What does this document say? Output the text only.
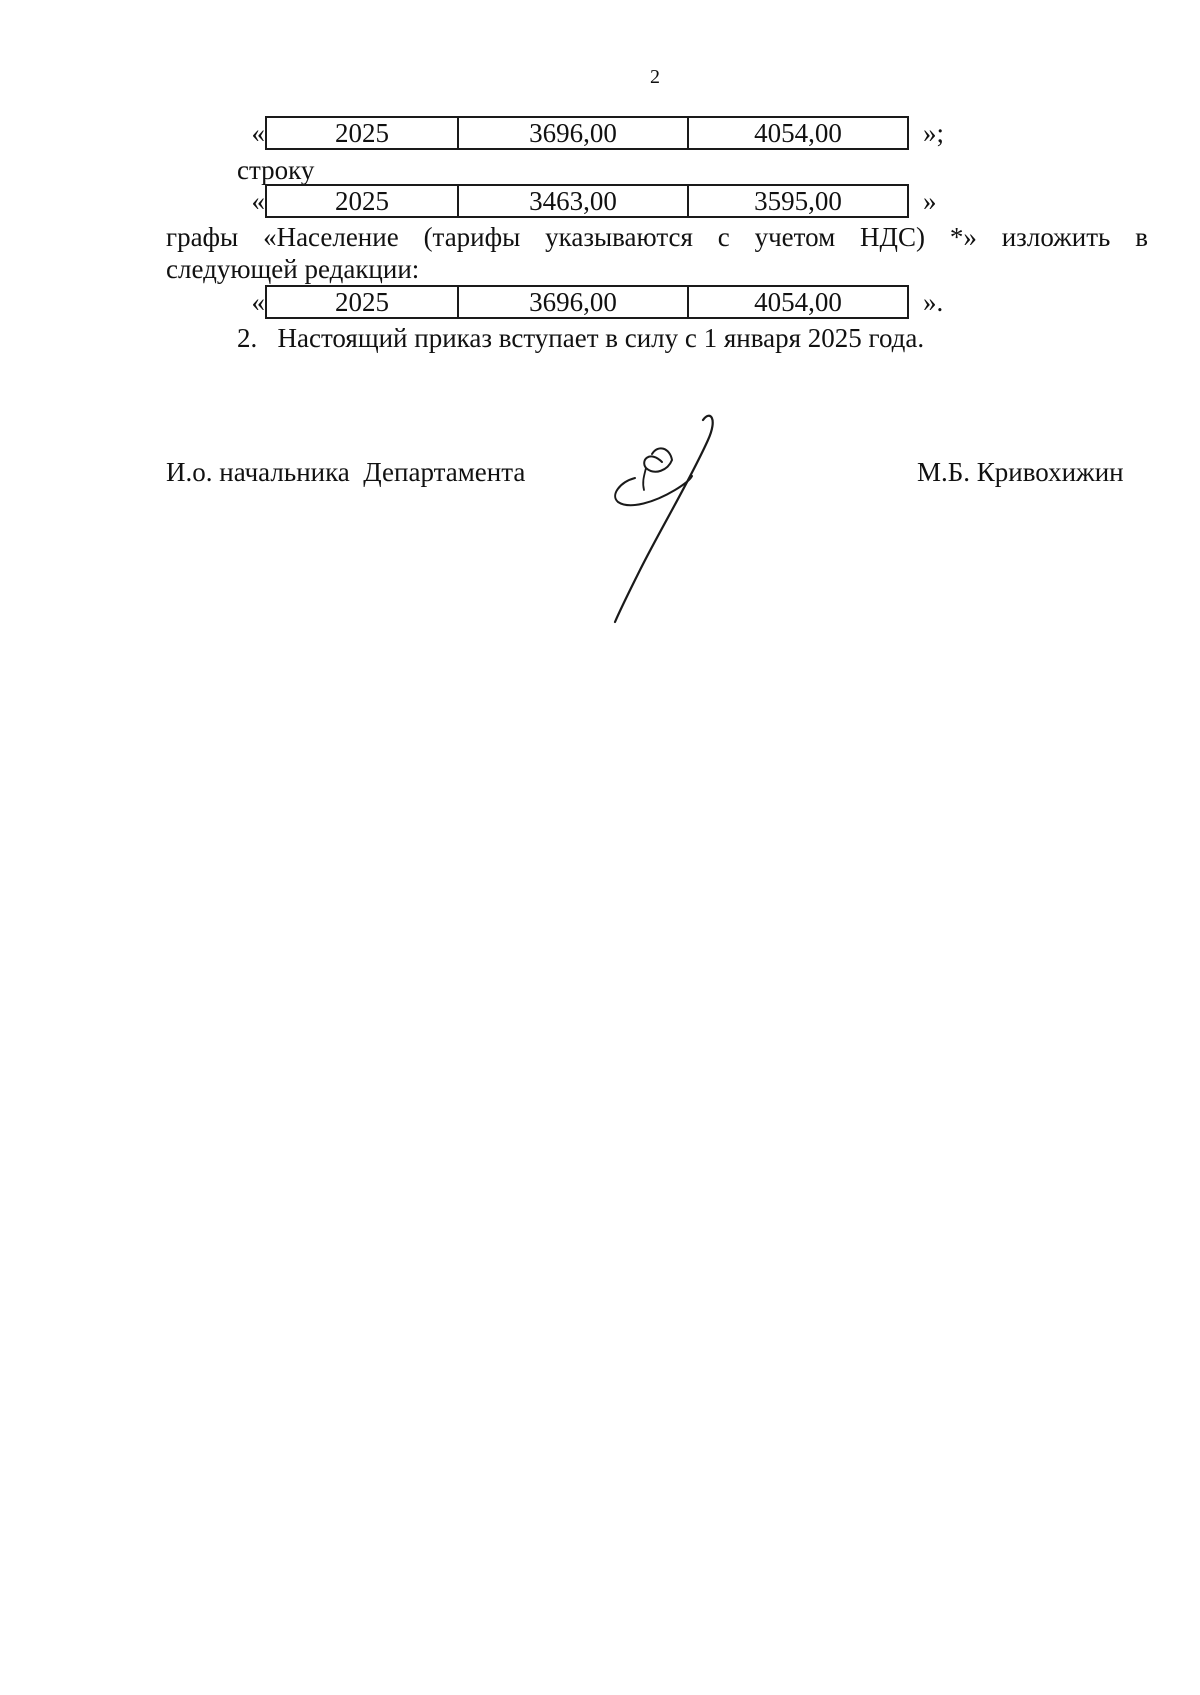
2
«	2025	3696,00	4054,00	»;
строку
«	2025	3463,00	3595,00	»
графы «Население (тарифы указываются с учетом НДС) *» изложить в
следующей редакции:
«	2025	3696,00	4054,00	».
2.   Настоящий приказ вступает в силу с 1 января 2025 года.
И.о. начальника  Департамента	М.Б. Кривохижин
